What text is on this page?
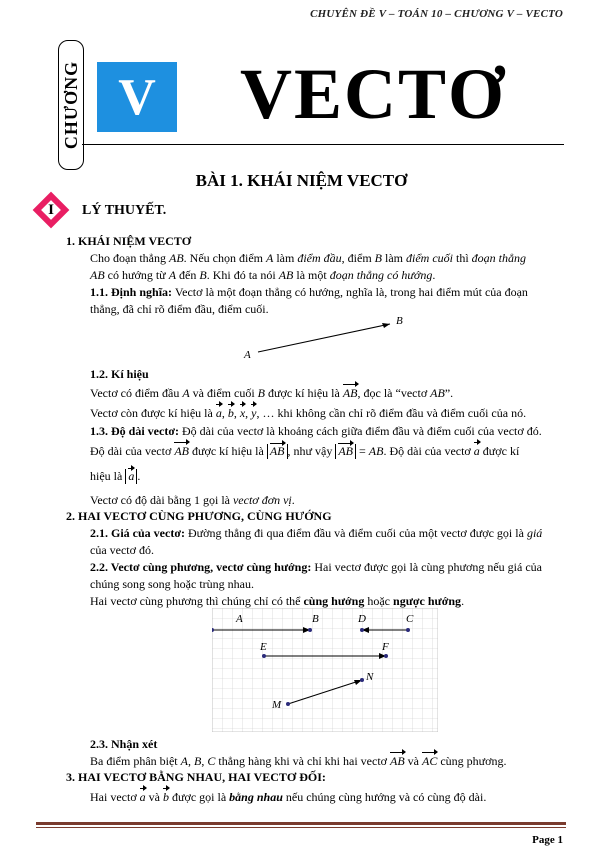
CHUYÊN ĐỀ V – TOÁN 10 – CHƯƠNG V – VECTO
CHƯƠNG V VECTƠ
BÀI 1. KHÁI NIỆM VECTƠ
I	LÝ THUYẾT.
1. KHÁI NIỆM VECTƠ
Cho đoạn thẳng AB. Nếu chọn điểm A làm điểm đầu, điểm B làm điểm cuối thì đoạn thẳng
AB có hướng từ A đến B. Khi đó ta nói AB là một đoạn thẳng có hướng.
1.1. Định nghĩa: Vectơ là một đoạn thẳng có hướng, nghĩa là, trong hai điểm mút của đoạn thẳng, đã chỉ rõ điểm đầu, điểm cuối.
A
B
1.2. Kí hiệu
Vectơ có điểm đầu A và điểm cuối B được kí hiệu là AB, đọc là “vectơ AB”.
Vectơ còn được kí hiệu là a, b, x, y, … khi không cần chỉ rõ điểm đầu và điểm cuối của nó.
1.3. Độ dài vectơ: Độ dài của vectơ là khoảng cách giữa điểm đầu và điểm cuối của vectơ đó.
Độ dài của vectơ AB được kí hiệu là AB , như vậy AB = AB. Độ dài của vectơ a được kí
hiệu là a .
Vectơ có độ dài bằng 1 gọi là vectơ đơn vị.
2. HAI VECTƠ CÙNG PHƯƠNG, CÙNG HƯỚNG
2.1. Giá của vectơ: Đường thẳng đi qua điểm đầu và điểm cuối của một vectơ được gọi là giá
của vectơ đó.
2.2. Vectơ cùng phương, vectơ cùng hướng: Hai vectơ được gọi là cùng phương nếu giá của chúng song song hoặc trùng nhau.
Hai vectơ cùng phương thì chúng chỉ có thể cùng hướng hoặc ngược hướng.
A	B	D	C
E	F
M
N
2.3. Nhận xét
Ba điểm phân biệt A, B, C thẳng hàng khi và chỉ khi hai vectơ AB và AC cùng phương.
3. HAI VECTƠ BẰNG NHAU, HAI VECTƠ ĐỐI:
Hai vectơ a và b được gọi là bằng nhau nếu chúng cùng hướng và có cùng độ dài.
Page 1
